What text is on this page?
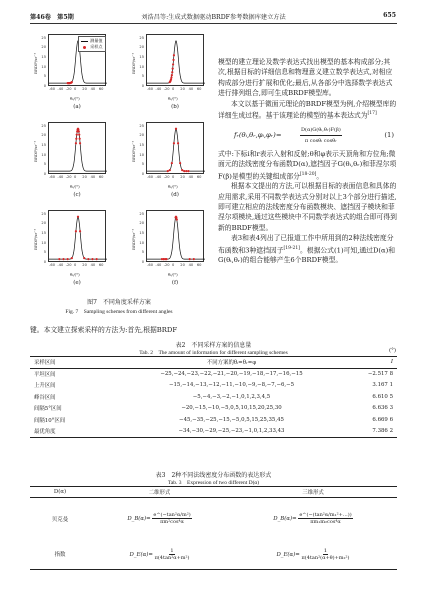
第46卷　第5期	刘浩昌等:生成式数据驱动BRDF参考数据库建立方法	655
0
5
10
15
20
25
-60 -40 -20 0 20 40 60
BRDF/sr⁻¹
θᵢ/(°)
(a)
测量值
采样点
0
5
10
15
20
25
-60 -40 -20 0 20 40 60
BRDF/sr⁻¹
θᵢ/(°)
(b)
0
5
10
15
20
25
-60 -40 -20 0 20 40 60
BRDF/sr⁻¹
θᵢ/(°)
(c)
0
5
10
15
20
25
-60 -40 -20 0 20 40 60
BRDF/sr⁻¹
θᵢ/(°)
(d)
0
5
10
15
20
25
-60 -40 -20 0 20 40 60
BRDF/sr⁻¹
θᵢ/(°)
(e)
0
5
10
15
20
25
-60 -40 -20 0 20 40 60
BRDF/sr⁻¹
θᵢ/(°)
(f)
图7　不同角度采样方案
Fig. 7　Sampling schemes from different angles
键。本文建立探索采样的方法为:首先,根据BRDF

模型的建立理论及数学表达式找出模型的基本构成部分;其次,根据目标的详细信息和物理意义建立数学表达式,对相应构成部分进行扩展和优化;最后,从各部分中选择数学表达式进行排列组合,即可生成BRDF模型库。

本文以基于微面元理论的BRDF模型为例,介绍模型库的详细生成过程。基于该理论的模型的基本表达式为[17]

fᵣ(θᵢ,θᵣ,φᵢ,φᵣ)=	$\frac{\text{D(α)G(θᵢ,θᵣ)F(β)}}{\text{π cosθᵢ cosθᵣ}}$	(1)

式中:下标i和r表示入射和反射;θ和φ表示天顶角和方位角;微面元的法线密度分布函数D(α),遮挡因子G(θᵢ,θᵣ)和菲涅尔项F(β)是模型的关键组成部分[18-20]。

根据本文提出的方法,可以根据目标的表面信息和具体的应用需求,采用不同数学表达式分别对以上3个部分进行描述,即可建立相应的法线密度分布函数模块、遮挡因子模块和菲涅尔项模块,通过这些模块中不同数学表达式的组合即可得到新的BRDF模型。

表3和表4列出了已报道工作中所用到的2种法线密度分布函数和3种遮挡因子[19-21]。根据公式(1)可知,通过D(α)和G(θᵢ,θᵣ)的组合能够产生6个BRDF模型。

表2　不同采样方案的信息量
Tab. 2　The amount of information for different sampling schemes	(°)
采样区间	不同方案的θᵢ=θᵣ=φ	I
平坦区间	−25,−24,−23,−22,−21,−20,−19,−18,−17,−16,−15	−2.517 8
上升区间	−15,−14,−13,−12,−11,−10,−9,−8,−7,−6,−5	3.167 1
峰谷区间	−5,−4,−3,−2,−1,0,1,2,3,4,5	6.610 5
间隔5°区间	−20,−15,−10,−5,0,5,10,15,20,25,30	6.636 3
间隔10°区间	−45,−35,−25,−15,−5,0,5,15,25,35,45	6.669 6
最优角度	−34,−30,−29,−25,−23,−1,0,1,2,33,43	7.386 2
表3　2种不同法线密度分布函数的表达形式
Tab. 3　Expression of two different D(α)
D(α)	二维形式	三维形式
贝克曼	D_B(α)= $\frac{\text{e\textasciicircum{}(−tan²α/m²)}}{\text{πm²cos⁴α}}$	D_B(α)= $\frac{\text{e\textasciicircum{}(−(tan²α/m₁²+…))}}{\text{πm₁m₂cos⁴α}}$

指数	D_E(α)= $\frac{1}{\text{π(4tan²α+m²)}}$	D_E(α)= $\frac{1}{\text{π(4tan²(α+θ)+m₂²)}}$
